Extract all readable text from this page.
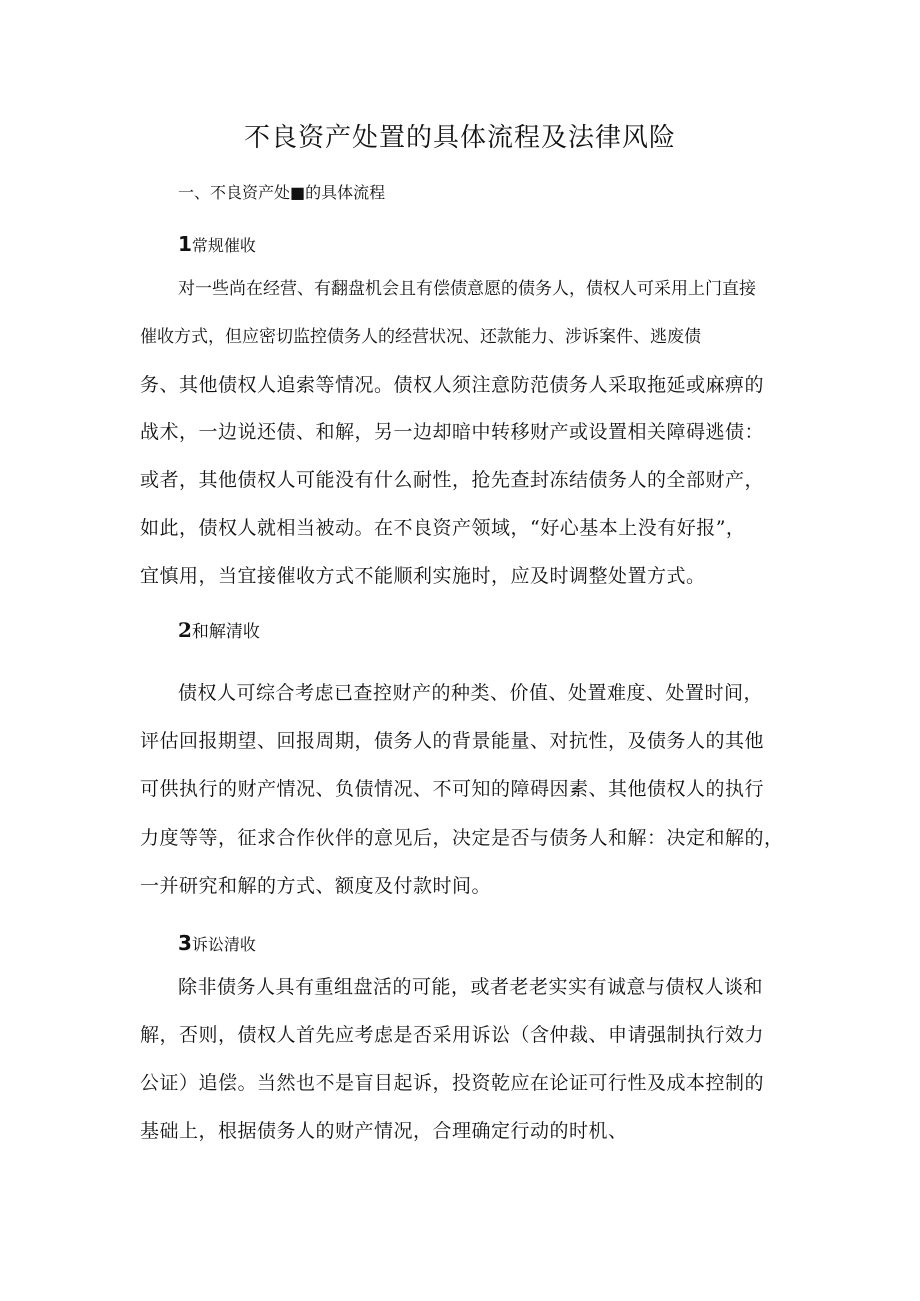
不良资产处置的具体流程及法律风险
一、不良资产处■的具体流程
1常规催收
对一些尚在经营、有翻盘机会且有偿债意愿的债务人，债权人可采用上门直接
催收方式，但应密切监控债务人的经营状况、还款能力、涉诉案件、逃废债
务、其他债权人追索等情况。债权人须注意防范债务人采取拖延或麻痹的
战术，一边说还债、和解，另一边却暗中转移财产或设置相关障碍逃债：
或者，其他债权人可能没有什么耐性，抢先查封冻结债务人的全部财产，
如此，债权人就相当被动。在不良资产领域，“好心基本上没有好报”，
宜慎用，当宜接催收方式不能顺利实施时，应及时调整处置方式。
2和解清收
债权人可综合考虑已查控财产的种类、价值、处置难度、处置时间，
评估回报期望、回报周期，债务人的背景能量、对抗性，及债务人的其他
可供执行的财产情况、负债情况、不可知的障碍因素、其他债权人的执行
力度等等，征求合作伙伴的意见后，决定是否与债务人和解：决定和解的，
一并研究和解的方式、额度及付款时间。
3诉讼清收
除非债务人具有重组盘活的可能，或者老老实实有诚意与债权人谈和
解，否则，债权人首先应考虑是否采用诉讼（含仲裁、申请强制执行效力
公证）追偿。当然也不是盲目起诉，投资乾应在论证可行性及成本控制的
基础上，根据债务人的财产情况，合理确定行动的时机、
